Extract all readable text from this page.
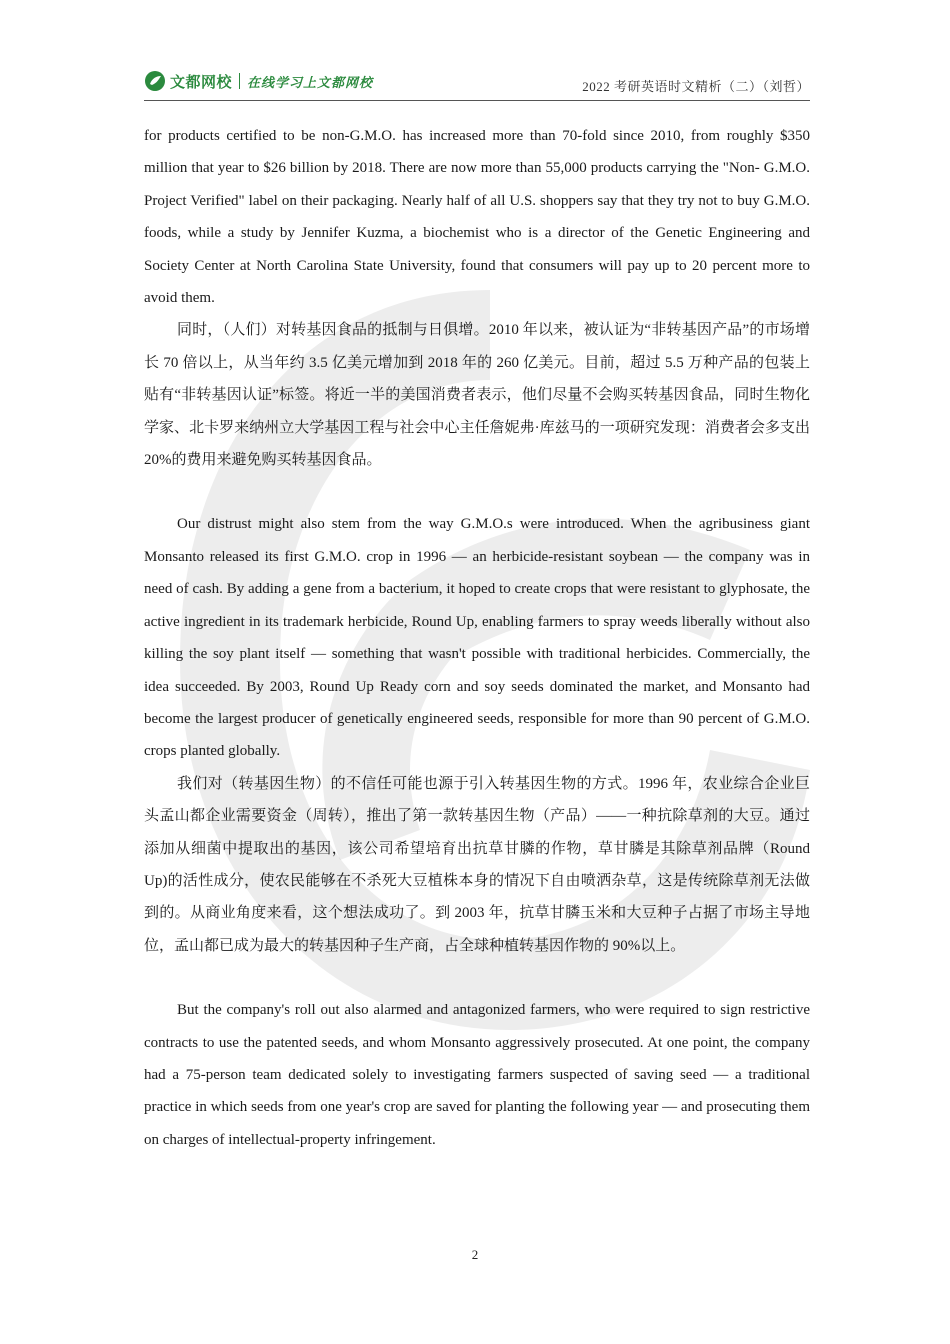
文都网校 在线学习上文都网校	2022 考研英语时文精析（二）（刘哲）

for products certified to be non-G.M.O. has increased more than 70-fold since 2010, from roughly $350 million that year to $26 billion by 2018. There are now more than 55,000 products carrying the "Non- G.M.O. Project Verified" label on their packaging. Nearly half of all U.S. shoppers say that they try not to buy G.M.O. foods, while a study by Jennifer Kuzma, a biochemist who is a director of the Genetic Engineering and Society Center at North Carolina State University, found that consumers will pay up to 20 percent more to avoid them.

同时，（人们）对转基因食品的抵制与日俱增。2010 年以来，被认证为“非转基因产品”的市场增长 70 倍以上，从当年约 3.5 亿美元增加到 2018 年的 260 亿美元。目前，超过 5.5 万种产品的包装上贴有“非转基因认证”标签。将近一半的美国消费者表示，他们尽量不会购买转基因食品，同时生物化学家、北卡罗来纳州立大学基因工程与社会中心主任詹妮弗·库兹马的一项研究发现：消费者会多支出 20%的费用来避免购买转基因食品。

Our distrust might also stem from the way G.M.O.s were introduced. When the agribusiness giant Monsanto released its first G.M.O. crop in 1996 — an herbicide-resistant soybean — the company was in need of cash. By adding a gene from a bacterium, it hoped to create crops that were resistant to glyphosate, the active ingredient in its trademark herbicide, Round Up, enabling farmers to spray weeds liberally without also killing the soy plant itself — something that wasn't possible with traditional herbicides. Commercially, the idea succeeded. By 2003, Round Up Ready corn and soy seeds dominated the market, and Monsanto had become the largest producer of genetically engineered seeds, responsible for more than 90 percent of G.M.O. crops planted globally.

我们对（转基因生物）的不信任可能也源于引入转基因生物的方式。1996 年，农业综合企业巨头孟山都企业需要资金（周转），推出了第一款转基因生物（产品）——一种抗除草剂的大豆。通过添加从细菌中提取出的基因，该公司希望培育出抗草甘膦的作物，草甘膦是其除草剂品牌（Round Up)的活性成分，使农民能够在不杀死大豆植株本身的情况下自由喷洒杂草，这是传统除草剂无法做到的。从商业角度来看，这个想法成功了。到 2003 年，抗草甘膦玉米和大豆种子占据了市场主导地位，孟山都已成为最大的转基因种子生产商，占全球种植转基因作物的 90%以上。

But the company's roll out also alarmed and antagonized farmers, who were required to sign restrictive contracts to use the patented seeds, and whom Monsanto aggressively prosecuted. At one point, the company had a 75-person team dedicated solely to investigating farmers suspected of saving seed — a traditional practice in which seeds from one year's crop are saved for planting the following year — and prosecuting them on charges of intellectual-property infringement.

2
